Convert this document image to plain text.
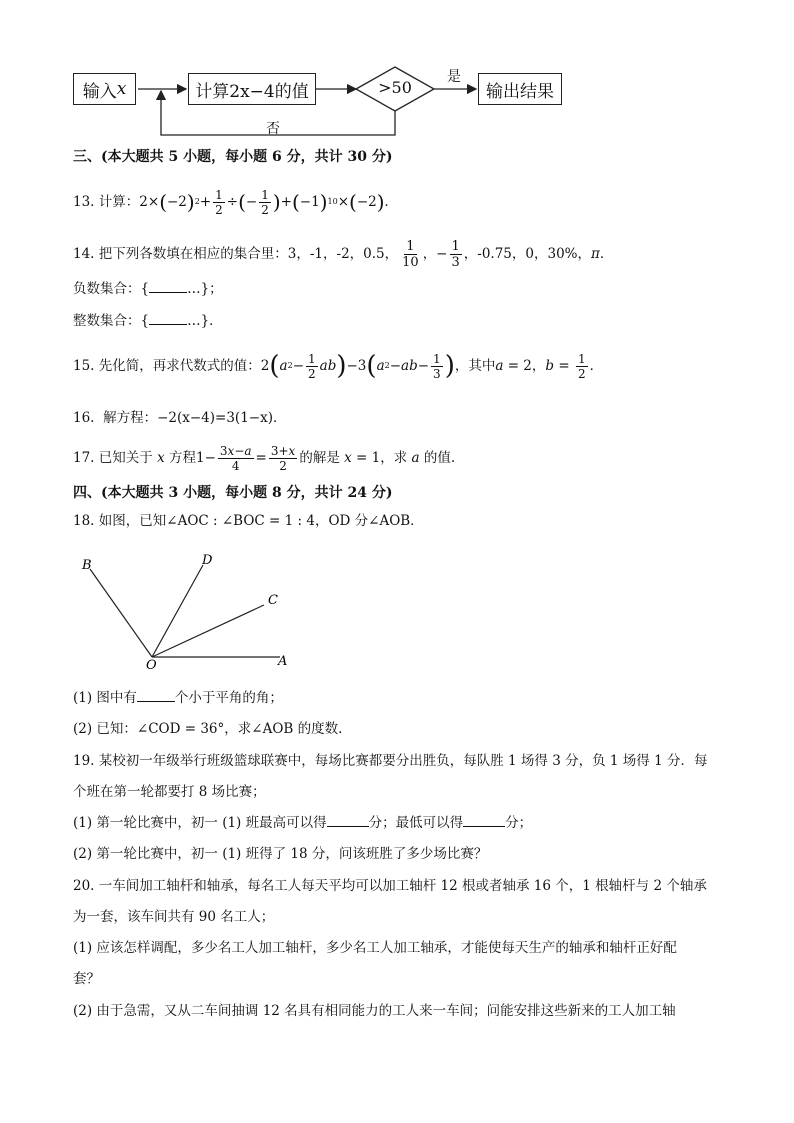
输入 x	计算2x−4的值	>50
是
输出结果
否
三、(本大题共 5 小题，每小题 6 分，共计 30 分)
13.
计算： 2× ( −2 ) $2 + \frac{1}{2}$ ÷ ( − $\frac{1}{2}$ ) + ( −1 ) 10 × ( −2 ) ．
14.
把下列各数填在相应的集合里：3，-1，-2，0.5， $\frac{1}{10}$ ，− $\frac{1}{3}$ ，-0.75，0，30%， π ．
负数集合：{	…}；
整数集合：{	…}．
15.
先化简，再求代数式的值： 2 ( a $2 - \frac{1}{2}$ ab ) −3 ( a 2 − ab − $\frac{1}{3}$ ) ，其中 a = 2， $b = \frac{1}{2}$ ．
16. 解方程：−2(x−4)=3(1−x)．
17.
已知关于 x 方程 $1- \frac{3x-a}{4} = \frac{3+x}{2}$ 的解是 x = 1 ，求 a 的值.
四、(本大题共 3 小题，每小题 8 分，共计 24 分)
18. 如图，已知∠AOC : ∠BOC = 1 : 4，OD 分∠AOB．
B	D
C
O	A
(1) 图中有	个小于平角的角；
(2) 已知：∠COD = 36°，求∠AOB 的度数.
19. 某校初一年级举行班级篮球联赛中，每场比赛都要分出胜负，每队胜 1 场得 3 分，负 1 场得 1 分．每
个班在第一轮都要打 8 场比赛；
(1) 第一轮比赛中，初一 (1) 班最高可以得	分；最低可以得	分；
(2) 第一轮比赛中，初一 (1) 班得了 18 分，问该班胜了多少场比赛？
20. 一车间加工轴杆和轴承，每名工人每天平均可以加工轴杆 12 根或者轴承 16 个，1 根轴杆与 2 个轴承
为一套，该车间共有 90 名工人；
(1) 应该怎样调配，多少名工人加工轴杆，多少名工人加工轴承，才能使每天生产的轴承和轴杆正好配
套？
(2) 由于急需，又从二车间抽调 12 名具有相同能力的工人来一车间；问能安排这些新来的工人加工轴
